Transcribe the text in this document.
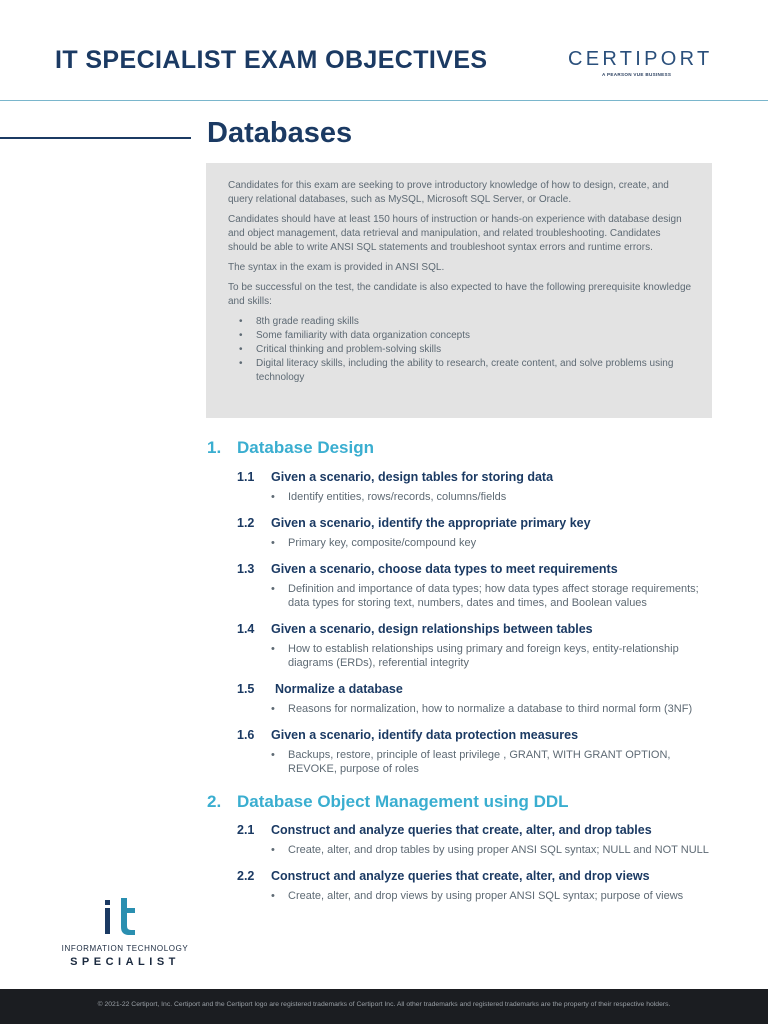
IT SPECIALIST EXAM OBJECTIVES	CERTIPORT
A PEARSON VUE BUSINESS
Databases

Candidates for this exam are seeking to prove introductory knowledge of how to design, create, and query relational databases, such as MySQL, Microsoft SQL Server, or Oracle.

Candidates should have at least 150 hours of instruction or hands-on experience with database design and object management, data retrieval and manipulation, and related troubleshooting. Candidates should be able to write ANSI SQL statements and troubleshoot syntax errors and runtime errors.

The syntax in the exam is provided in ANSI SQL.

To be successful on the test, the candidate is also expected to have the following prerequisite knowledge and skills:

• 8th grade reading skills
• Some familiarity with data organization concepts
• Critical thinking and problem-solving skills
• Digital literacy skills, including the ability to research, create content, and solve problems using technology
1. Database Design
1.1	Given a scenario, design tables for storing data
• Identify entities, rows/records, columns/fields
1.2	Given a scenario, identify the appropriate primary key
• Primary key, composite/compound key
1.3	Given a scenario, choose data types to meet requirements
• Definition and importance of data types; how data types affect storage requirements; data types for storing text, numbers, dates and times, and Boolean values
1.4	Given a scenario, design relationships between tables
• How to establish relationships using primary and foreign keys, entity-relationship diagrams (ERDs), referential integrity
1.5	Normalize a database
• Reasons for normalization, how to normalize a database to third normal form (3NF)
1.6	Given a scenario, identify data protection measures
• Backups, restore, principle of least privilege , GRANT, WITH GRANT OPTION, REVOKE, purpose of roles
2. Database Object Management using DDL
2.1	Construct and analyze queries that create, alter, and drop tables
• Create, alter, and drop tables by using proper ANSI SQL syntax; NULL and NOT NULL
2.2	Construct and analyze queries that create, alter, and drop views
• Create, alter, and drop views by using proper ANSI SQL syntax; purpose of views
INFORMATION TECHNOLOGY
SPECIALIST
© 2021-22 Certiport, Inc. Certiport and the Certiport logo are registered trademarks of Certiport Inc. All other trademarks and registered trademarks are the property of their respective holders.
